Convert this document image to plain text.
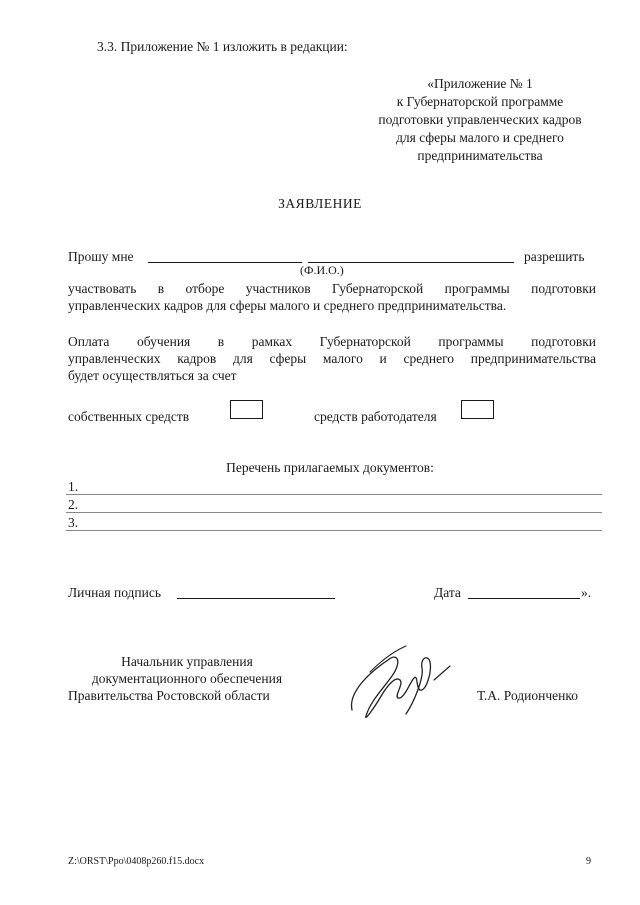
3.3. Приложение № 1 изложить в редакции:
«Приложение № 1
к Губернаторской программе
подготовки управленческих кадров
для сферы малого и среднего
предпринимательства
ЗАЯВЛЕНИЕ
Прошу мне	разрешить
(Ф.И.О.)
участвовать в отборе участников Губернаторской программы подготовки
управленческих кадров для сферы малого и среднего предпринимательства.
Оплата обучения в рамках Губернаторской программы подготовки
управленческих кадров для сферы малого и среднего предпринимательства
будет осуществляться за счет
собственных средств	средств работодателя
Перечень прилагаемых документов:
1.
2.
3.
Личная подпись	Дата	».
Начальник управления
документационного обеспечения
Правительства Ростовской области	Т.А. Родионченко
Z:\ORST\Ppo\0408p260.f15.docx	9
